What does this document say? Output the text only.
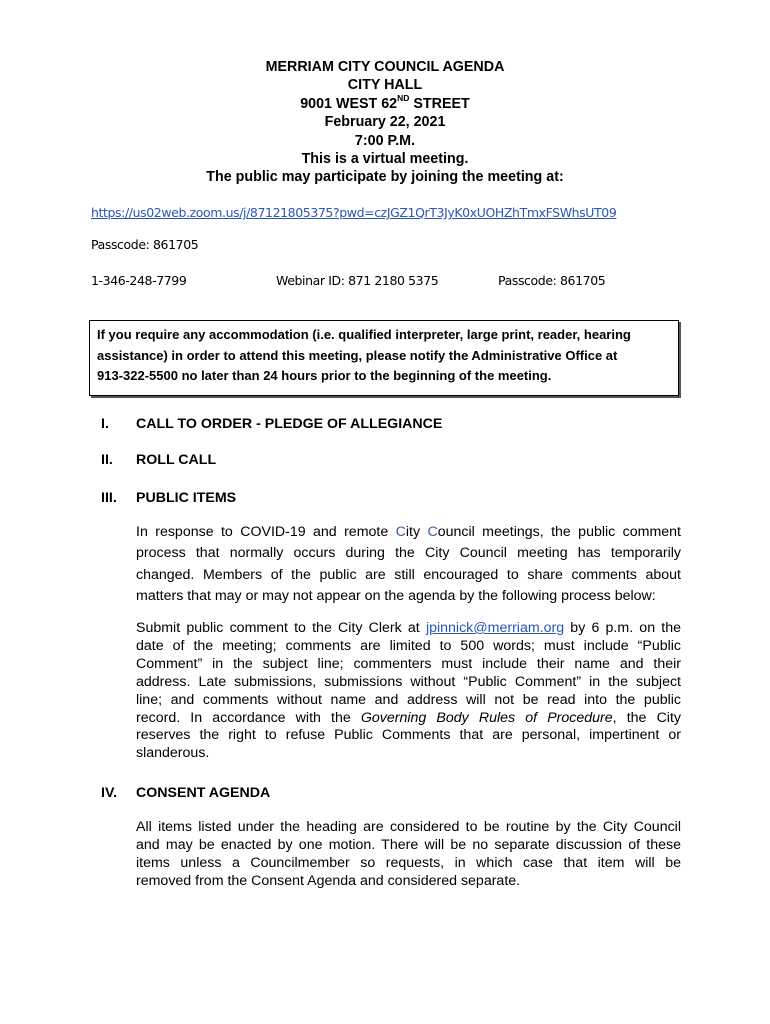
MERRIAM CITY COUNCIL AGENDA
CITY HALL
9001 WEST 62ND STREET
February 22, 2021
7:00 P.M.
This is a virtual meeting.
The public may participate by joining the meeting at:
https://us02web.zoom.us/j/87121805375?pwd=czJGZ1QrT3JyK0xUOHZhTmxFSWhsUT09
Passcode: 861705
1-346-248-7799	Webinar ID: 871 2180 5375	Passcode: 861705
If you require any accommodation (i.e. qualified interpreter, large print, reader, hearing
assistance) in order to attend this meeting, please notify the Administrative Office at
913-322-5500 no later than 24 hours prior to the beginning of the meeting.
I. CALL TO ORDER - PLEDGE OF ALLEGIANCE
II. ROLL CALL
III. PUBLIC ITEMS
In response to COVID-19 and remote City Council meetings, the public comment
process that normally occurs during the City Council meeting has temporarily
changed. Members of the public are still encouraged to share comments about
matters that may or may not appear on the agenda by the following process below:
Submit public comment to the City Clerk at jpinnick@merriam.org by 6 p.m. on the
date of the meeting; comments are limited to 500 words; must include “Public
Comment” in the subject line; commenters must include their name and their
address. Late submissions, submissions without “Public Comment” in the subject
line; and comments without name and address will not be read into the public
record. In accordance with the Governing Body Rules of Procedure, the City
reserves the right to refuse Public Comments that are personal, impertinent or
slanderous.
IV. CONSENT AGENDA
All items listed under the heading are considered to be routine by the City Council
and may be enacted by one motion. There will be no separate discussion of these
items unless a Councilmember so requests, in which case that item will be
removed from the Consent Agenda and considered separate.
